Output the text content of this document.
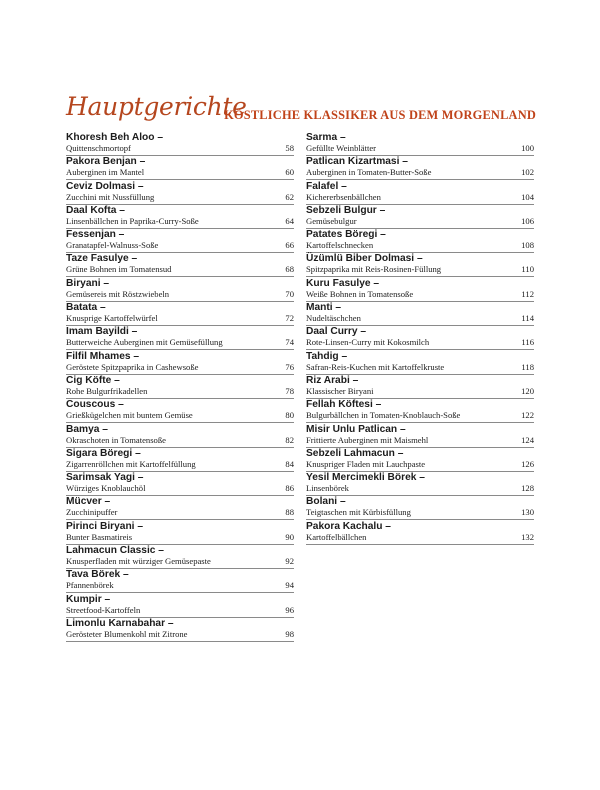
Hauptgerichte
KÖSTLICHE KLASSIKER AUS DEM MORGENLAND
Khoresh Beh Aloo –
Quittenschmortopf	58
Pakora Benjan –
Auberginen im Mantel	60
Ceviz Dolmasi –
Zucchini mit Nussfüllung	62
Daal Kofta –
Linsenbällchen in Paprika-Curry-Soße	64
Fessenjan –
Granatapfel-Walnuss-Soße	66
Taze Fasulye –
Grüne Bohnen im Tomatensud	68
Biryani –
Gemüsereis mit Röstzwiebeln	70
Batata –
Knusprige Kartoffelwürfel	72
Imam Bayildi –
Butterweiche Auberginen mit Gemüsefüllung	74
Filfil Mhames –
Geröstete Spitzpaprika in Cashewsoße	76
Cig Köfte –
Rohe Bulgurfrikadellen	78
Couscous –
Grießkügelchen mit buntem Gemüse	80
Bamya –
Okraschoten in Tomatensoße	82
Sigara Böregi –
Zigarrenröllchen mit Kartoffelfüllung	84
Sarimsak Yagi –
Würziges Knoblauchöl	86
Mücver –
Zucchinipuffer	88
Pirinci Biryani –
Bunter Basmatireis	90
Lahmacun Classic –
Knusperfladen mit würziger Gemüsepaste	92
Tava Börek –
Pfannenbörek	94
Kumpir –
Streetfood-Kartoffeln	96
Limonlu Karnabahar –
Gerösteter Blumenkohl mit Zitrone	98
Sarma –
Gefüllte Weinblätter	100
Patlican Kizartmasi –
Auberginen in Tomaten-Butter-Soße	102
Falafel –
Kichererbsenbällchen	104
Sebzeli Bulgur –
Gemüsebulgur	106
Patates Böregi –
Kartoffelschnecken	108
Üzümlü Biber Dolmasi –
Spitzpaprika mit Reis-Rosinen-Füllung	110
Kuru Fasulye –
Weiße Bohnen in Tomatensoße	112
Manti –
Nudeltäschchen	114
Daal Curry –
Rote-Linsen-Curry mit Kokosmilch	116
Tahdig –
Safran-Reis-Kuchen mit Kartoffelkruste	118
Riz Arabi –
Klassischer Biryani	120
Fellah Köftesi –
Bulgurbällchen in Tomaten-Knoblauch-Soße	122
Misir Unlu Patlican –
Frittierte Auberginen mit Maismehl	124
Sebzeli Lahmacun –
Knuspriger Fladen mit Lauchpaste	126
Yesil Mercimekli Börek –
Linsenbörek	128
Bolani –
Teigtaschen mit Kürbisfüllung	130
Pakora Kachalu –
Kartoffelbällchen	132
